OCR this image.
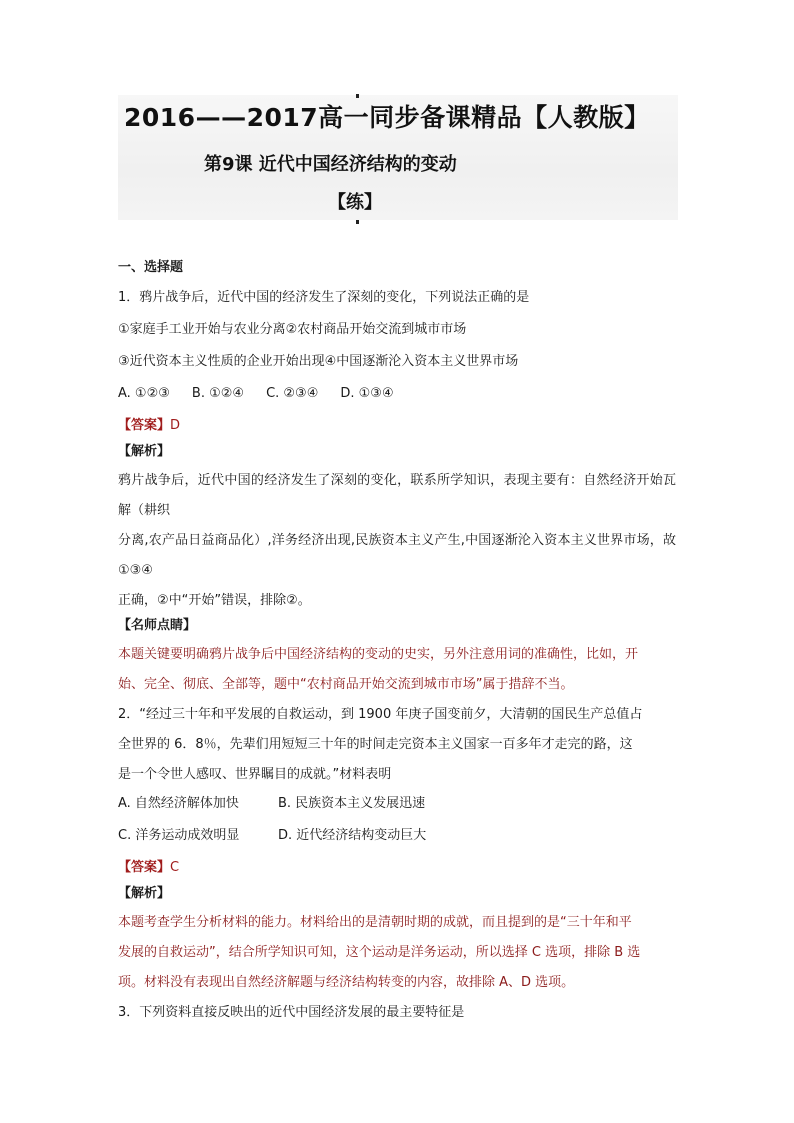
2016——2017高一同步备课精品【人教版】
第9课 近代中国经济结构的变动
【练】
一、选择题
1．鸦片战争后，近代中国的经济发生了深刻的变化，下列说法正确的是
①家庭手工业开始与农业分离②农村商品开始交流到城市市场
③近代资本主义性质的企业开始出现④中国逐渐沦入资本主义世界市场
A. ①②③ B. ①②④ C. ②③④ D. ①③④
【答案】D
【解析】
鸦片战争后，近代中国的经济发生了深刻的变化，联系所学知识，表现主要有：自然经济开始瓦解（耕织
分离,农产品日益商品化）,洋务经济出现,民族资本主义产生,中国逐渐沦入资本主义世界市场，故①③④
正确，②中“开始”错误，排除②。
【名师点睛】
本题关键要明确鸦片战争后中国经济结构的变动的史实，另外注意用词的准确性，比如，开
始、完全、彻底、全部等，题中“农村商品开始交流到城市市场”属于措辞不当。
2．“经过三十年和平发展的自救运动，到 1900 年庚子国变前夕，大清朝的国民生产总值占
全世界的 6．8％，先辈们用短短三十年的时间走完资本主义国家一百多年才走完的路，这
是一个令世人感叹、世界瞩目的成就。”材料表明
A. 自然经济解体加快	B. 民族资本主义发展迅速
C. 洋务运动成效明显	D. 近代经济结构变动巨大
【答案】C
【解析】
本题考查学生分析材料的能力。材料给出的是清朝时期的成就，而且提到的是“三十年和平
发展的自救运动”，结合所学知识可知，这个运动是洋务运动，所以选择 C 选项，排除 B 选
项。材料没有表现出自然经济解题与经济结构转变的内容，故排除 A、D 选项。
3．下列资料直接反映出的近代中国经济发展的最主要特征是
